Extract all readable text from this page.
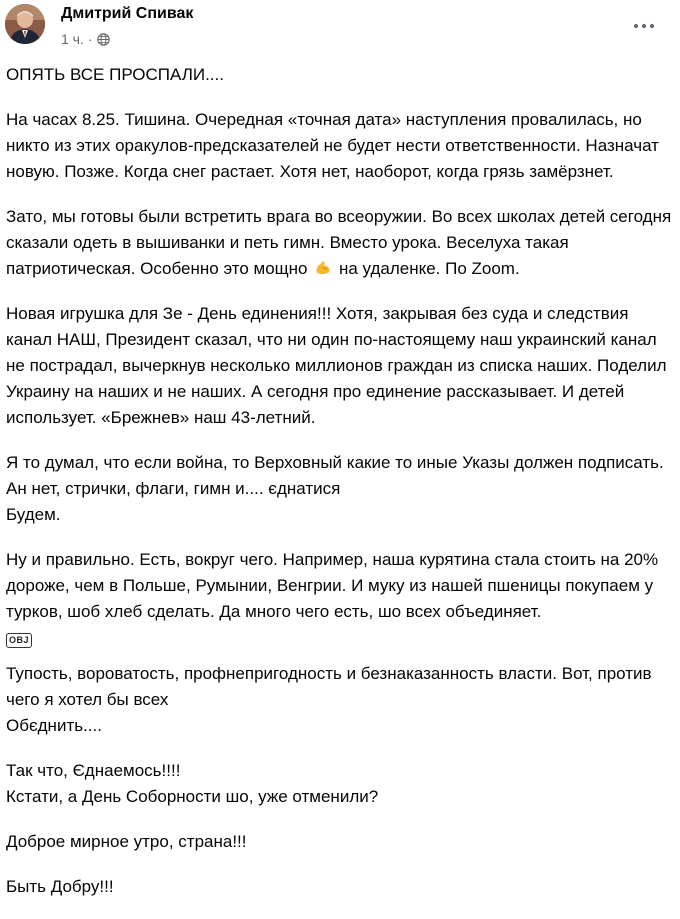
Дмитрий Спивак
1 ч. ·

ОПЯТЬ ВСЕ ПРОСПАЛИ....

На часах 8.25. Тишина. Очередная «точная дата» наступления провалилась, но никто из этих оракулов-предсказателей не будет нести ответственности. Назначат новую. Позже. Когда снег растает. Хотя нет, наоборот, когда грязь замёрзнет.

Зато, мы готовы были встретить врага во всеоружии. Во всех школах детей сегодня сказали одеть в вышиванки и петь гимн. Вместо урока. Веселуха такая патриотическая. Особенно это мощно на удаленке. По Zoom.

Новая игрушка для Зе - День единения!!! Хотя, закрывая без суда и следствия канал НАШ, Президент сказал, что ни один по-настоящему наш украинский канал не пострадал, вычеркнув несколько миллионов граждан из списка наших. Поделил Украину на наших и не наших. А сегодня про единение рассказывает. И детей использует. «Брежнев» наш 43-летний.

Я то думал, что если война, то Верховный какие то иные Указы должен подписать. Ан нет, стрички, флаги, гимн и.... єднатися
Будем.

Ну и правильно. Есть, вокруг чего. Например, наша курятина стала стоить на 20% дороже, чем в Польше, Румынии, Венгрии. И муку из нашей пшеницы покупаем у турков, шоб хлеб сделать. Да много чего есть, шо всех объединяет.
OBJ

Тупость, вороватость, профнепригодность и безнаказанность власти. Вот, против чего я хотел бы всех
Обєднить....

Так что, Єднаемось!!!!
Кстати, а День Соборности шо, уже отменили?

Доброе мирное утро, страна!!!

Быть Добру!!!
